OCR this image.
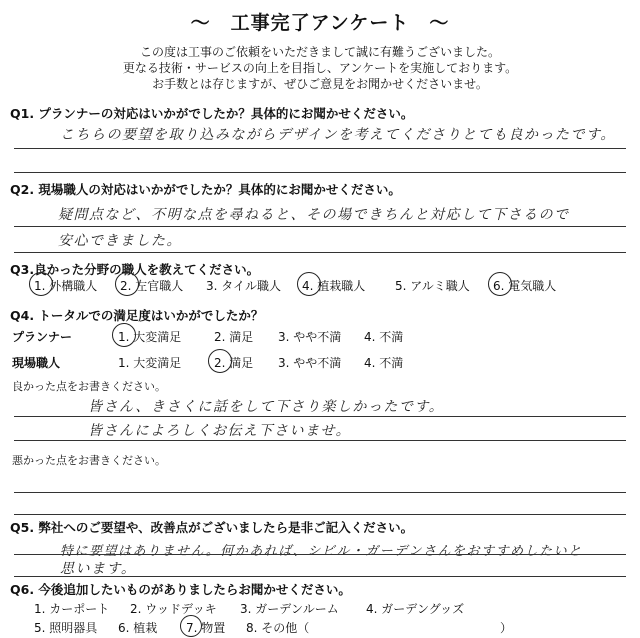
～　工事完了アンケート　～
この度は工事のご依頼をいただきまして誠に有難うございました。
更なる技術・サービスの向上を目指し、アンケートを実施しております。
お手数とは存じますが、ぜひご意見をお聞かせくださいませ。
Q1. プランナーの対応はいかがでしたか？具体的にお聞かせください。
こちらの要望を取り込みながらデザインを考えてくださりとても良かったです。
Q2. 現場職人の対応はいかがでしたか？具体的にお聞かせください。
疑問点など、不明な点を尋ねると、その場できちんと対応して下さるので
安心できました。
Q3.良かった分野の職人を教えてください。
1. 外構職人 2. 左官職人 3. タイル職人 4. 植栽職人 5. アルミ職人 6. 電気職人
Q4. トータルでの満足度はいかがでしたか？
プランナー	1. 大変満足	2. 満足 3. やや不満 4. 不満
現場職人	1. 大変満足	2. 満足 3. やや不満 4. 不満
良かった点をお書きください。
皆さん、きさくに話をして下さり楽しかったです。
皆さんによろしくお伝え下さいませ。
悪かった点をお書きください。
Q5. 弊社へのご要望や、改善点がございましたら是非ご記入ください。
特に要望はありません。何かあれば、シビル・ガーデンさんをおすすめしたいと
思います。
Q6. 今後追加したいものがありましたらお聞かせください。
1. カーポート 2. ウッドデッキ 3. ガーデンルーム 4. ガーデングッズ
5. 照明器具 6. 植栽 7. 物置 8. その他（	）
